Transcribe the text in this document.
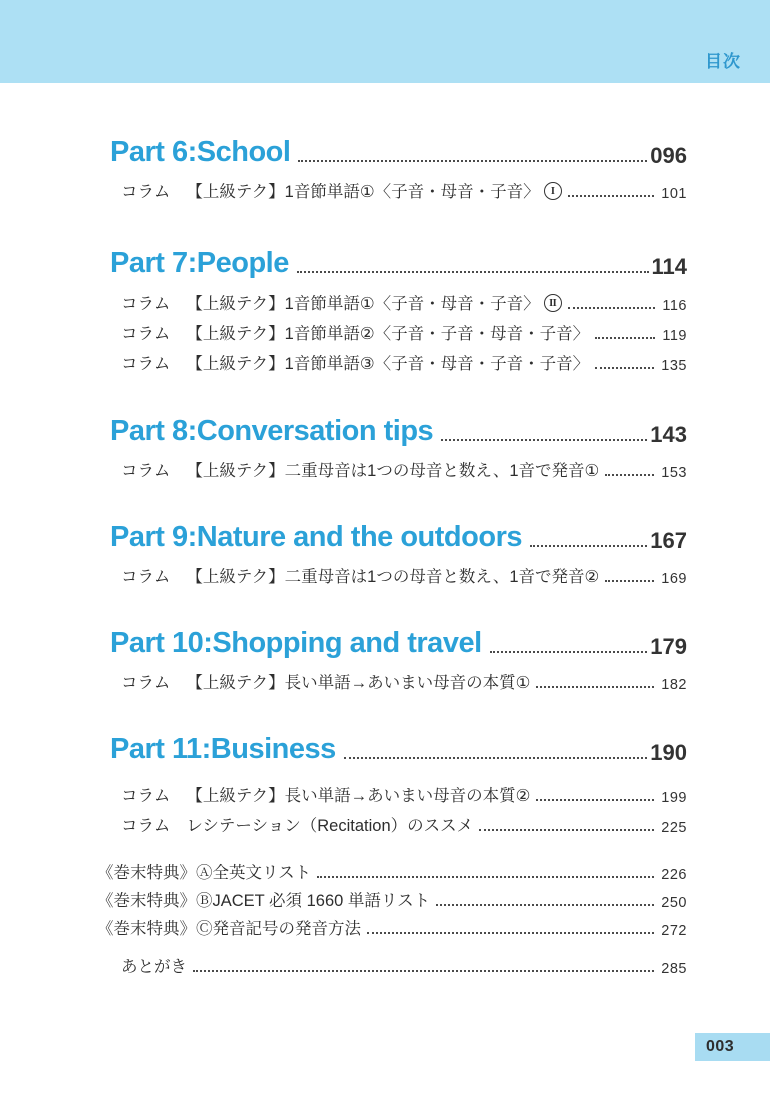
目次
Part 6:School	096
コラム 【上級テク】1音節単語①〈子音・母音・子音〉	I	101
Part 7:People	114
コラム 【上級テク】1音節単語①〈子音・母音・子音〉 II	116
コラム 【上級テク】1音節単語②〈子音・子音・母音・子音〉	119
コラム 【上級テク】1音節単語③〈子音・母音・子音・子音〉	135
Part 8:Conversation tips	143
コラム 【上級テク】二重母音は1つの母音と数え、1音で発音①	153
Part 9:Nature and the outdoors	167
コラム 【上級テク】二重母音は1つの母音と数え、1音で発音②	169
Part 10:Shopping and travel	179
コラム 【上級テク】長い単語→あいまい母音の本質①	182
Part 11:Business	190
コラム 【上級テク】長い単語→あいまい母音の本質②	199
コラム レシテーション（Recitation）のススメ	225
《巻末特典》 Ⓐ全英文リスト	226
《巻末特典》 ⒷJACET 必須 1660 単語リスト	250
《巻末特典》 Ⓒ発音記号の発音方法	272
あとがき	285
003
